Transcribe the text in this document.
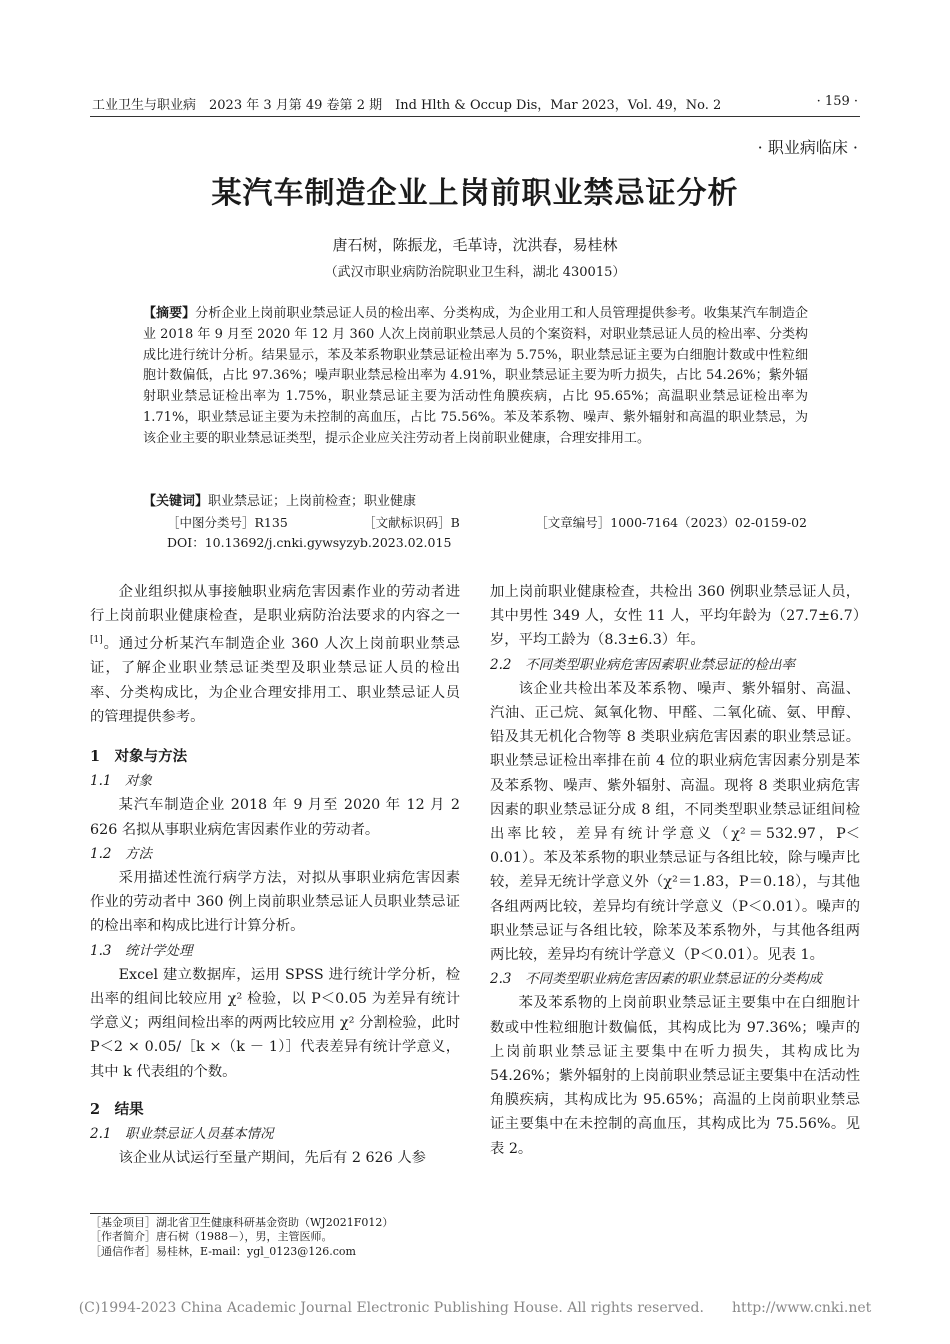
工业卫生与职业病　2023 年 3 月第 49 卷第 2 期　Ind Hlth & Occup Dis，Mar 2023，Vol. 49，No. 2	· 159 ·
· 职业病临床 ·
某汽车制造企业上岗前职业禁忌证分析
唐石树，陈振龙，毛革诗，沈洪春，易桂林
（武汉市职业病防治院职业卫生科，湖北 430015）
【摘要】分析企业上岗前职业禁忌证人员的检出率、分类构成，为企业用工和人员管理提供参考。收集某汽车制造企业 2018 年 9 月至 2020 年 12 月 360 人次上岗前职业禁忌人员的个案资料，对职业禁忌证人员的检出率、分类构成比进行统计分析。结果显示，苯及苯系物职业禁忌证检出率为 5.75%，职业禁忌证主要为白细胞计数或中性粒细胞计数偏低，占比 97.36%；噪声职业禁忌检出率为 4.91%，职业禁忌证主要为听力损失，占比 54.26%；紫外辐射职业禁忌证检出率为 1.75%，职业禁忌证主要为活动性角膜疾病，占比 95.65%；高温职业禁忌证检出率为 1.71%，职业禁忌证主要为未控制的高血压，占比 75.56%。苯及苯系物、噪声、紫外辐射和高温的职业禁忌，为该企业主要的职业禁忌证类型，提示企业应关注劳动者上岗前职业健康，合理安排用工。
【关键词】职业禁忌证；上岗前检查；职业健康
［中图分类号］R135	［文献标识码］B	［文章编号］1000-7164（2023）02-0159-02
DOI：10.13692/j.cnki.gywsyzyb.2023.02.015

企业组织拟从事接触职业病危害因素作业的劳动者进行上岗前职业健康检查，是职业病防治法要求的内容之一[1]。通过分析某汽车制造企业 360 人次上岗前职业禁忌证，了解企业职业禁忌证类型及职业禁忌证人员的检出率、分类构成比，为企业合理安排用工、职业禁忌证人员的管理提供参考。

1　对象与方法
1.1　对象

某汽车制造企业 2018 年 9 月至 2020 年 12 月 2 626 名拟从事职业病危害因素作业的劳动者。

1.2　方法

采用描述性流行病学方法，对拟从事职业病危害因素作业的劳动者中 360 例上岗前职业禁忌证人员职业禁忌证的检出率和构成比进行计算分析。

1.3　统计学处理

Excel 建立数据库，运用 SPSS 进行统计学分析，检出率的组间比较应用 χ² 检验，以 P＜0.05 为差异有统计学意义；两组间检出率的两两比较应用 χ² 分割检验，此时 P＜2 × 0.05/［k ×（k － 1）］代表差异有统计学意义，其中 k 代表组的个数。

2　结果
2.1　职业禁忌证人员基本情况

该企业从试运行至量产期间，先后有 2 626 人参

加上岗前职业健康检查，共检出 360 例职业禁忌证人员，其中男性 349 人，女性 11 人，平均年龄为（27.7±6.7）岁，平均工龄为（8.3±6.3）年。

2.2　不同类型职业病危害因素职业禁忌证的检出率

该企业共检出苯及苯系物、噪声、紫外辐射、高温、汽油、正己烷、氮氧化物、甲醛、二氧化硫、氨、甲醇、铅及其无机化合物等 8 类职业病危害因素的职业禁忌证。职业禁忌证检出率排在前 4 位的职业病危害因素分别是苯及苯系物、噪声、紫外辐射、高温。现将 8 类职业病危害因素的职业禁忌证分成 8 组，不同类型职业禁忌证组间检出率比较，差异有统计学意义（χ²＝532.97，P＜0.01）。苯及苯系物的职业禁忌证与各组比较，除与噪声比较，差异无统计学意义外（χ²＝1.83，P＝0.18），与其他各组两两比较，差异均有统计学意义（P＜0.01）。噪声的职业禁忌证与各组比较，除苯及苯系物外，与其他各组两两比较，差异均有统计学意义（P＜0.01）。见表 1。

2.3　不同类型职业病危害因素的职业禁忌证的分类构成

苯及苯系物的上岗前职业禁忌证主要集中在白细胞计数或中性粒细胞计数偏低，其构成比为 97.36%；噪声的上岗前职业禁忌证主要集中在听力损失，其构成比为 54.26%；紫外辐射的上岗前职业禁忌证主要集中在活动性角膜疾病，其构成比为 95.65%；高温的上岗前职业禁忌证主要集中在未控制的高血压，其构成比为 75.56%。见表 2。

［基金项目］湖北省卫生健康科研基金资助（WJ2021F012）
［作者简介］唐石树（1988－），男，主管医师。
［通信作者］易桂林，E-mail：ygl_0123@126.com
(C)1994-2023 China Academic Journal Electronic Publishing House. All rights reserved.　　http://www.cnki.net
